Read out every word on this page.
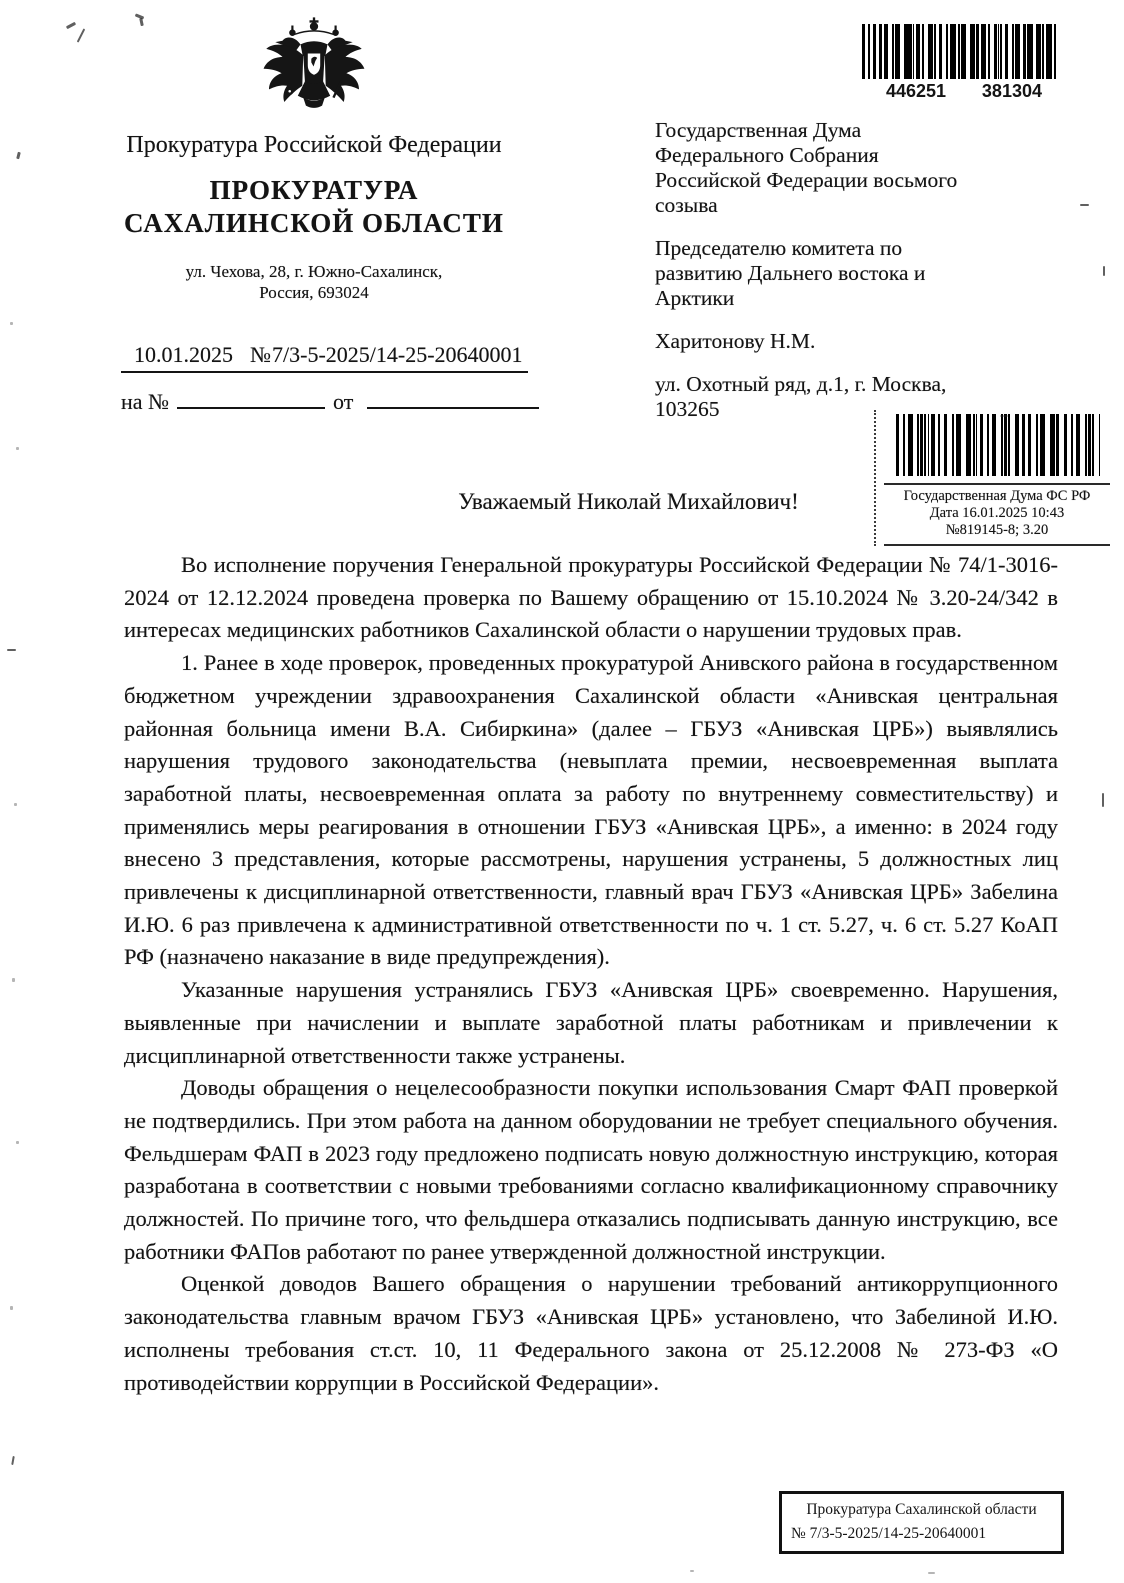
Прокуратура Российской Федерации
ПРОКУРАТУРА
САХАЛИНСКОЙ ОБЛАСТИ
ул. Чехова, 28, г. Южно-Сахалинск,
Россия, 693024
10.01.2025 №7/3-5-2025/14-25-20640001
на №	от
446251 381304
Государственная Дума
Федерального Собрания
Российской Федерации восьмого
созыва
Председателю комитета по
развитию Дальнего востока и
Арктики
Харитонову Н.М.
ул. Охотный ряд, д.1, г. Москва,
103265
Государственная Дума ФС РФ
Дата 16.01.2025 10:43
№819145-8; 3.20
Уважаемый Николай Михайлович!

Во исполнение поручения Генеральной прокуратуры Российской Федерации № 74/1-3016-2024 от 12.12.2024 проведена проверка по Вашему обращению от 15.10.2024 № 3.20-24/342 в интересах медицинских работников Сахалинской области о нарушении трудовых прав.

1. Ранее в ходе проверок, проведенных прокуратурой Анивского района в государственном бюджетном учреждении здравоохранения Сахалинской области «Анивская центральная районная больница имени В.А. Сибиркина» (далее – ГБУЗ «Анивская ЦРБ») выявлялись нарушения трудового законодательства (невыплата премии, несвоевременная выплата заработной платы, несвоевременная оплата за работу по внутреннему совместительству) и применялись меры реагирования в отношении ГБУЗ «Анивская ЦРБ», а именно: в 2024 году внесено 3 представления, которые рассмотрены, нарушения устранены, 5 должностных лиц привлечены к дисциплинарной ответственности, главный врач ГБУЗ «Анивская ЦРБ» Забелина И.Ю. 6 раз привлечена к административной ответственности по ч. 1 ст. 5.27, ч. 6 ст. 5.27 КоАП РФ (назначено наказание в виде предупреждения).

Указанные нарушения устранялись ГБУЗ «Анивская ЦРБ» своевременно. Нарушения, выявленные при начислении и выплате заработной платы работникам и привлечении к дисциплинарной ответственности также устранены.

Доводы обращения о нецелесообразности покупки использования Смарт ФАП проверкой не подтвердились. При этом работа на данном оборудовании не требует специального обучения. Фельдшерам ФАП в 2023 году предложено подписать новую должностную инструкцию, которая разработана в соответствии с новыми требованиями согласно квалификационному справочнику должностей. По причине того, что фельдшера отказались подписывать данную инструкцию, все работники ФАПов работают по ранее утвержденной должностной инструкции.

Оценкой доводов Вашего обращения о нарушении требований антикоррупционного законодательства главным врачом ГБУЗ «Анивская ЦРБ» установлено, что Забелиной И.Ю. исполнены требования ст.ст. 10, 11 Федерального закона от 25.12.2008 № 273-ФЗ «О противодействии коррупции в Российской Федерации».

Прокуратура Сахалинской области
№ 7/3-5-2025/14-25-20640001
